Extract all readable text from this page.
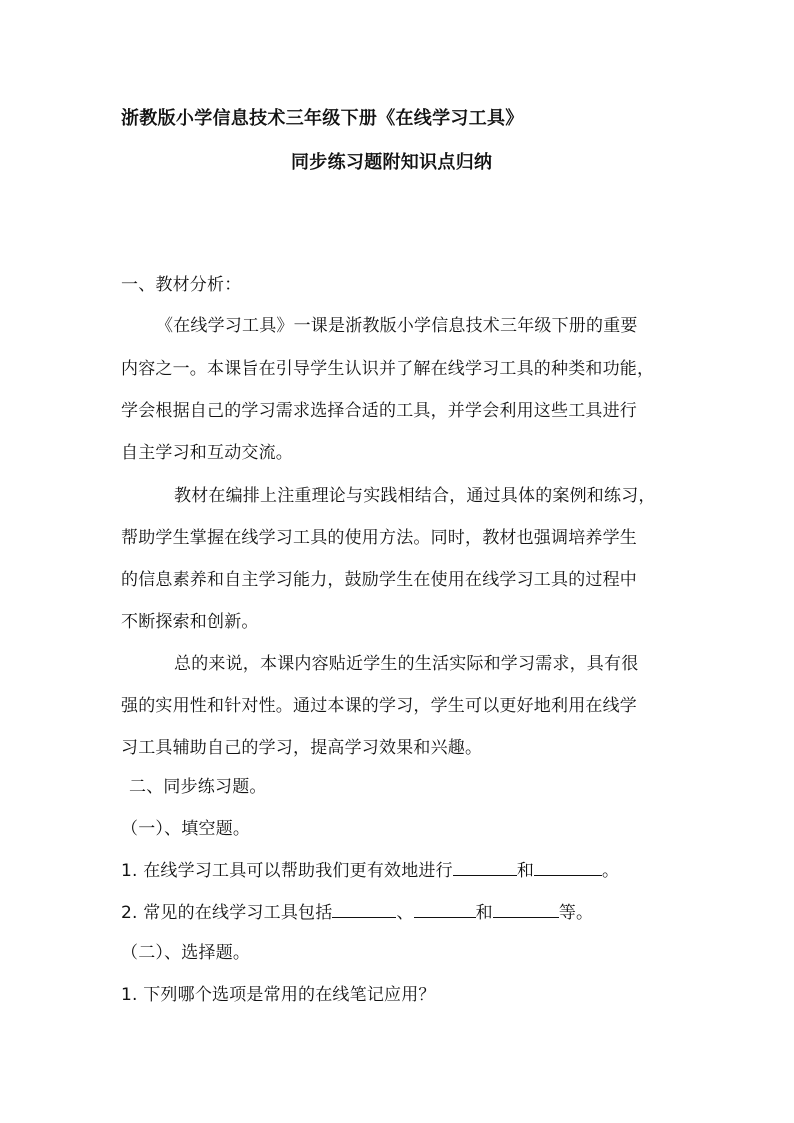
浙教版小学信息技术三年级下册《在线学习工具》
同步练习题附知识点归纳
一、教材分析：
《在线学习工具》一课是浙教版小学信息技术三年级下册的重要
内容之一。本课旨在引导学生认识并了解在线学习工具的种类和功能，
学会根据自己的学习需求选择合适的工具，并学会利用这些工具进行
自主学习和互动交流。
教材在编排上注重理论与实践相结合，通过具体的案例和练习，
帮助学生掌握在线学习工具的使用方法。同时，教材也强调培养学生
的信息素养和自主学习能力，鼓励学生在使用在线学习工具的过程中
不断探索和创新。
总的来说，本课内容贴近学生的生活实际和学习需求，具有很
强的实用性和针对性。通过本课的学习，学生可以更好地利用在线学
习工具辅助自己的学习，提高学习效果和兴趣。
二、同步练习题。
（一）、填空题。
1. 在线学习工具可以帮助我们更有效地进行	和	。
2. 常见的在线学习工具包括	、	和	等。
（二）、选择题。
1. 下列哪个选项是常用的在线笔记应用？
